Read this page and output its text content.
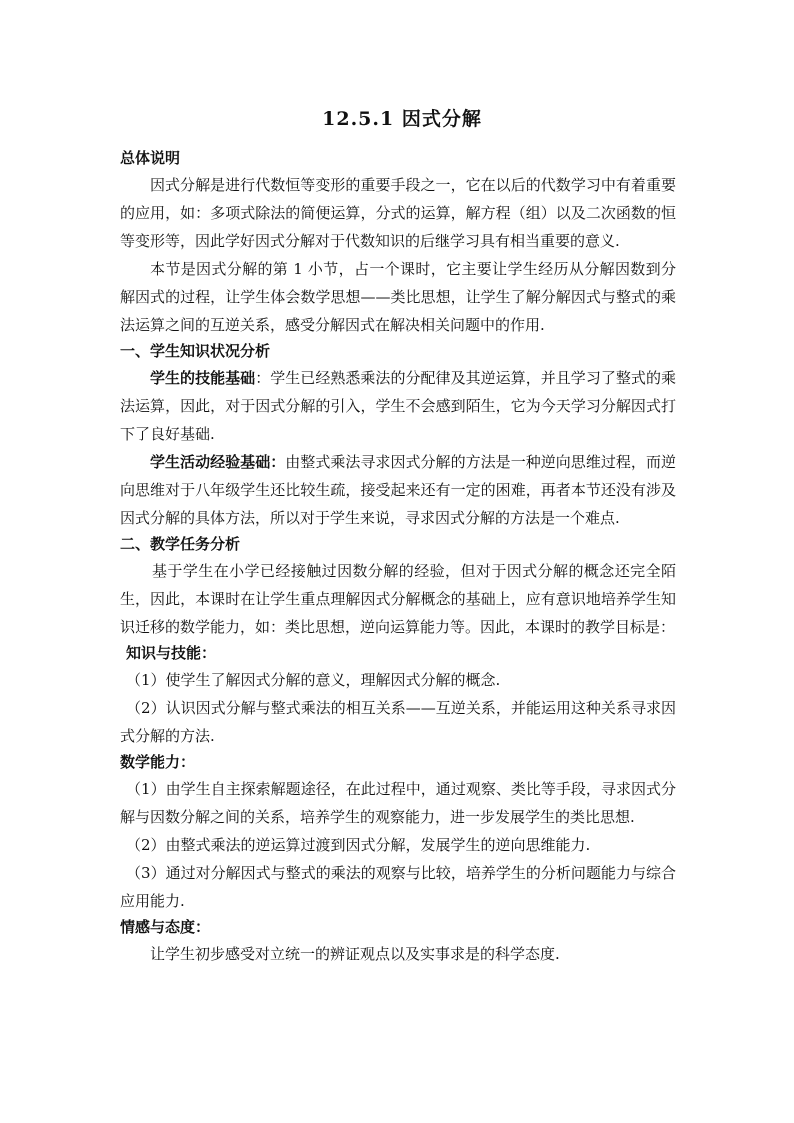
12.5.1 因式分解
总体说明

因式分解是进行代数恒等变形的重要手段之一，它在以后的代数学习中有着重要的应用，如：多项式除法的简便运算，分式的运算，解方程（组）以及二次函数的恒等变形等，因此学好因式分解对于代数知识的后继学习具有相当重要的意义.

本节是因式分解的第 1 小节，占一个课时，它主要让学生经历从分解因数到分解因式的过程，让学生体会数学思想——类比思想，让学生了解分解因式与整式的乘法运算之间的互逆关系，感受分解因式在解决相关问题中的作用.

一、学生知识状况分析

学生的技能基础：学生已经熟悉乘法的分配律及其逆运算，并且学习了整式的乘法运算，因此，对于因式分解的引入，学生不会感到陌生，它为今天学习分解因式打下了良好基础.

学生活动经验基础：由整式乘法寻求因式分解的方法是一种逆向思维过程，而逆向思维对于八年级学生还比较生疏，接受起来还有一定的困难，再者本节还没有涉及因式分解的具体方法，所以对于学生来说，寻求因式分解的方法是一个难点.

二、教学任务分析

基于学生在小学已经接触过因数分解的经验，但对于因式分解的概念还完全陌生，因此，本课时在让学生重点理解因式分解概念的基础上，应有意识地培养学生知识迁移的数学能力，如：类比思想，逆向运算能力等。因此，本课时的教学目标是：

知识与技能：

（1）使学生了解因式分解的意义，理解因式分解的概念.

（2）认识因式分解与整式乘法的相互关系——互逆关系，并能运用这种关系寻求因式分解的方法.

数学能力：

（1）由学生自主探索解题途径，在此过程中，通过观察、类比等手段，寻求因式分解与因数分解之间的关系，培养学生的观察能力，进一步发展学生的类比思想.

（2）由整式乘法的逆运算过渡到因式分解，发展学生的逆向思维能力.

（3）通过对分解因式与整式的乘法的观察与比较，培养学生的分析问题能力与综合应用能力.

情感与态度：

让学生初步感受对立统一的辨证观点以及实事求是的科学态度.
